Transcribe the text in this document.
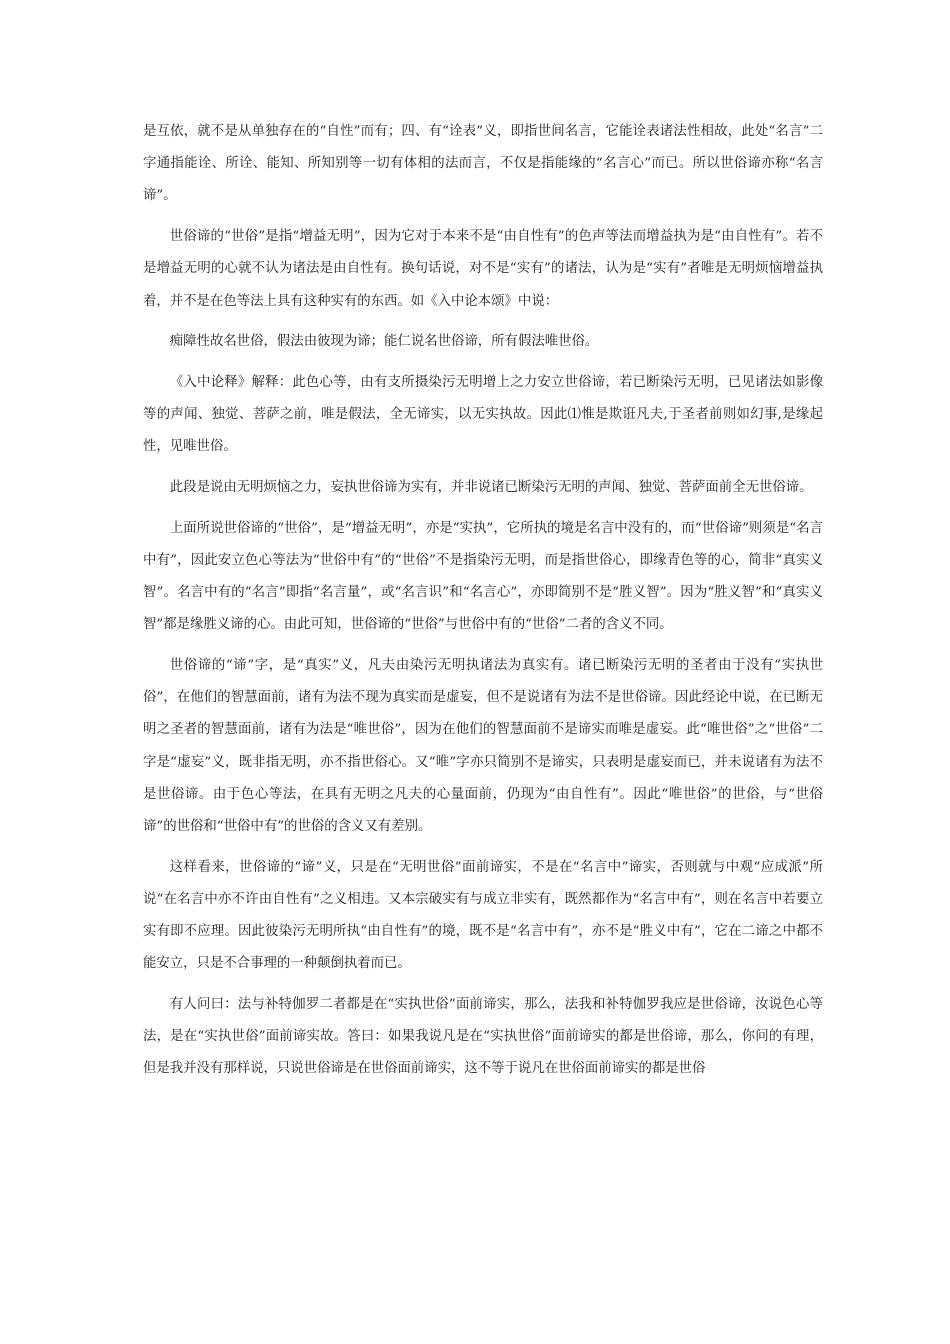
是互依，就不是从单独存在的“自性”而有；四、有“诠表”义，即指世间名言，它能诠表诸法性相故，此处“名言”二字通指能诠、所诠、能知、所知别等一切有体相的法而言，不仅是指能缘的“名言心”而已。所以世俗谛亦称“名言谛”。

世俗谛的“世俗”是指“增益无明”，因为它对于本来不是“由自性有”的色声等法而增益执为是“由自性有”。若不是增益无明的心就不认为诸法是由自性有。换句话说，对不是“实有”的诸法，认为是“实有”者唯是无明烦恼增益执着，并不是在色等法上具有这种实有的东西。如《入中论本颂》中说：

痴障性故名世俗，假法由彼现为谛；能仁说名世俗谛，所有假法唯世俗。

《入中论释》解释：此色心等，由有支所摄染污无明增上之力安立世俗谛，若已断染污无明，已见诸法如影像等的声闻、独觉、菩萨之前，唯是假法，全无谛实，以无实执故。因此⑴惟是欺诳凡夫,于圣者前则如幻事,是缘起性，见唯世俗。

此段是说由无明烦恼之力，妄执世俗谛为实有，并非说诸已断染污无明的声闻、独觉、菩萨面前全无世俗谛。

上面所说世俗谛的“世俗”，是“增益无明”，亦是“实执”，它所执的境是名言中没有的，而“世俗谛”则须是“名言中有”，因此安立色心等法为“世俗中有”的“世俗”不是指染污无明，而是指世俗心，即缘青色等的心，简非“真实义智”。名言中有的“名言”即指“名言量”，或“名言识”和“名言心”，亦即简别不是“胜义智”。因为“胜义智”和“真实义智”都是缘胜义谛的心。由此可知，世俗谛的“世俗”与世俗中有的“世俗”二者的含义不同。

世俗谛的“谛”字，是“真实”义，凡夫由染污无明执诸法为真实有。诸已断染污无明的圣者由于没有“实执世俗”，在他们的智慧面前，诸有为法不现为真实而是虚妄，但不是说诸有为法不是世俗谛。因此经论中说，在已断无明之圣者的智慧面前，诸有为法是“唯世俗”，因为在他们的智慧面前不是谛实而唯是虚妄。此“唯世俗”之“世俗”二字是“虚妄”义，既非指无明，亦不指世俗心。又“唯”字亦只简别不是谛实，只表明是虚妄而已，并未说诸有为法不是世俗谛。由于色心等法，在具有无明之凡夫的心量面前，仍现为“由自性有”。因此“唯世俗”的世俗，与“世俗谛”的世俗和“世俗中有”的世俗的含义又有差别。

这样看来，世俗谛的“谛”义，只是在“无明世俗”面前谛实，不是在“名言中”谛实，否则就与中观“应成派”所说“在名言中亦不许由自性有”之义相违。又本宗破实有与成立非实有，既然都作为“名言中有”，则在名言中若要立实有即不应理。因此彼染污无明所执“由自性有”的境，既不是“名言中有”，亦不是“胜义中有”，它在二谛之中都不能安立，只是不合事理的一种颠倒执着而已。

有人问曰：法与补特伽罗二者都是在“实执世俗”面前谛实，那么，法我和补特伽罗我应是世俗谛，汝说色心等法，是在“实执世俗”面前谛实故。答曰：如果我说凡是在“实执世俗”面前谛实的都是世俗谛，那么，你问的有理，但是我并没有那样说，只说世俗谛是在世俗面前谛实，这不等于说凡在世俗面前谛实的都是世俗
